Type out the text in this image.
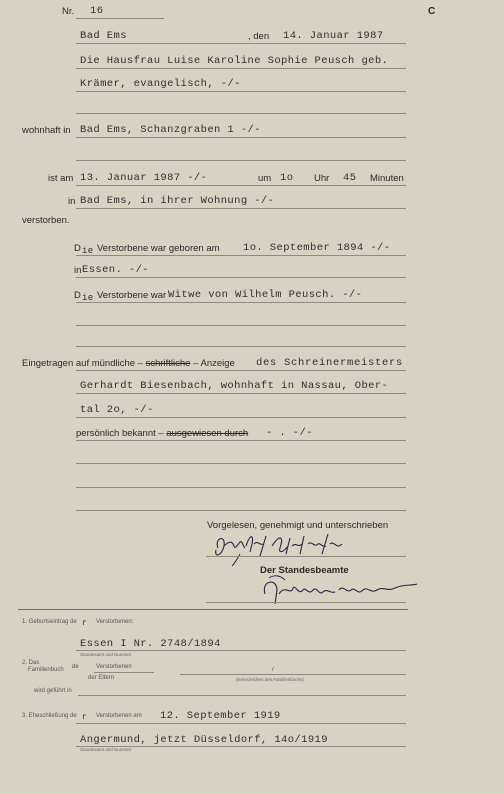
Nr. 16	C
Bad Ems	, den 14. Januar 1987
Die Hausfrau Luise Karoline Sophie Peusch geb.
Krämer, evangelisch, -/-
wohnhaft in Bad Ems, Schanzgraben 1 -/-
ist am 13. Januar 1987 -/-	um 1o Uhr 45 Minuten
in Bad Ems, in ihrer Wohnung -/-
verstorben.
D ie Verstorbene war geboren am 1o. September 1894 -/-
in Essen. -/-
D ie Verstorbene war Witwe von Wilhelm Peusch. -/-
Eingetragen auf mündliche – schriftliche – Anzeige des Schreinermeisters
Gerhardt Biesenbach, wohnhaft in Nassau, Ober-
tal 2o, -/-
persönlich bekannt – ausgewiesen durch - . -/-
Vorgelesen, genehmigt und unterschrieben
Der Standesbeamte
1. Geburtseintrag de r Verstorbenen:
Essen I Nr. 2748/1894
Standesamt und Nummer
2. Das
Familienbuch de	Verstorbenen
der Eltern
/
(Kennzeichen des Familienbuchs)
wird geführt in
3. Eheschließung de r Verstorbenen am 12. September 1919
Angermund, jetzt Düsseldorf, 14o/1919
Standesamt und Nummer
